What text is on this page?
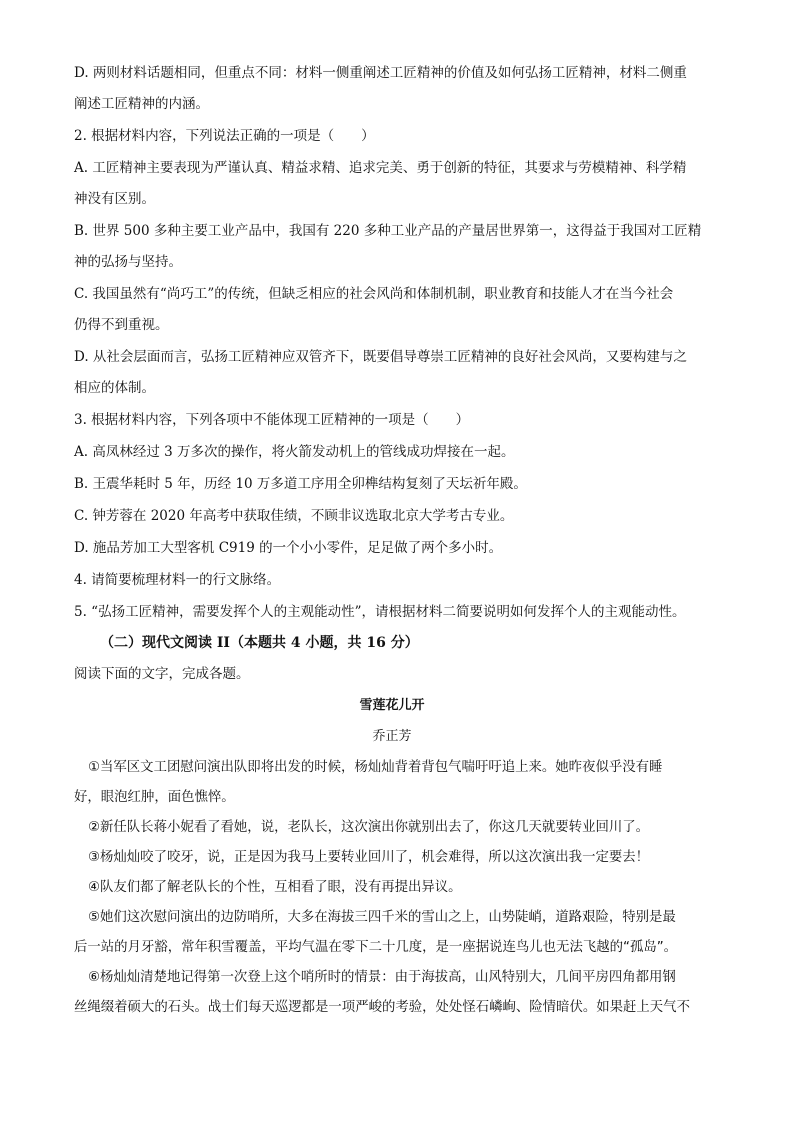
D. 两则材料话题相同，但重点不同：材料一侧重阐述工匠精神的价值及如何弘扬工匠精神，材料二侧重

阐述工匠精神的内涵。

2. 根据材料内容，下列说法正确的一项是（　　）

A. 工匠精神主要表现为严谨认真、精益求精、追求完美、勇于创新的特征，其要求与劳模精神、科学精

神没有区别。

B. 世界 500 多种主要工业产品中，我国有 220 多种工业产品的产量居世界第一，这得益于我国对工匠精

神的弘扬与坚持。

C. 我国虽然有“尚巧工”的传统，但缺乏相应的社会风尚和体制机制，职业教育和技能人才在当今社会

仍得不到重视。

D. 从社会层面而言，弘扬工匠精神应双管齐下，既要倡导尊崇工匠精神的良好社会风尚，又要构建与之

相应的体制。

3. 根据材料内容，下列各项中不能体现工匠精神的一项是（　　）

A. 高凤林经过 3 万多次的操作，将火箭发动机上的管线成功焊接在一起。

B. 王震华耗时 5 年，历经 10 万多道工序用全卯榫结构复刻了天坛祈年殿。

C. 钟芳蓉在 2020 年高考中获取佳绩，不顾非议选取北京大学考古专业。

D. 施品芳加工大型客机 C919 的一个小小零件，足足做了两个多小时。

4. 请简要梳理材料一的行文脉络。

5. “弘扬工匠精神，需要发挥个人的主观能动性”，请根据材料二简要说明如何发挥个人的主观能动性。

（二）现代文阅读 II（本题共 4 小题，共 16 分）

阅读下面的文字，完成各题。

雪莲花儿开

乔正芳

①当军区文工团慰问演出队即将出发的时候，杨灿灿背着背包气喘吁吁追上来。她昨夜似乎没有睡

好，眼泡红肿，面色憔悴。

②新任队长蒋小妮看了看她，说，老队长，这次演出你就别出去了，你这几天就要转业回川了。

③杨灿灿咬了咬牙，说，正是因为我马上要转业回川了，机会难得，所以这次演出我一定要去！

④队友们都了解老队长的个性，互相看了眼，没有再提出异议。

⑤她们这次慰问演出的边防哨所，大多在海拔三四千米的雪山之上，山势陡峭，道路艰险，特别是最

后一站的月牙豁，常年积雪覆盖，平均气温在零下二十几度，是一座据说连鸟儿也无法飞越的“孤岛”。

⑥杨灿灿清楚地记得第一次登上这个哨所时的情景：由于海拔高，山风特别大，几间平房四角都用钢

丝绳缀着硕大的石头。战士们每天巡逻都是一项严峻的考验，处处怪石嶙峋、险情暗伏。如果赶上天气不
